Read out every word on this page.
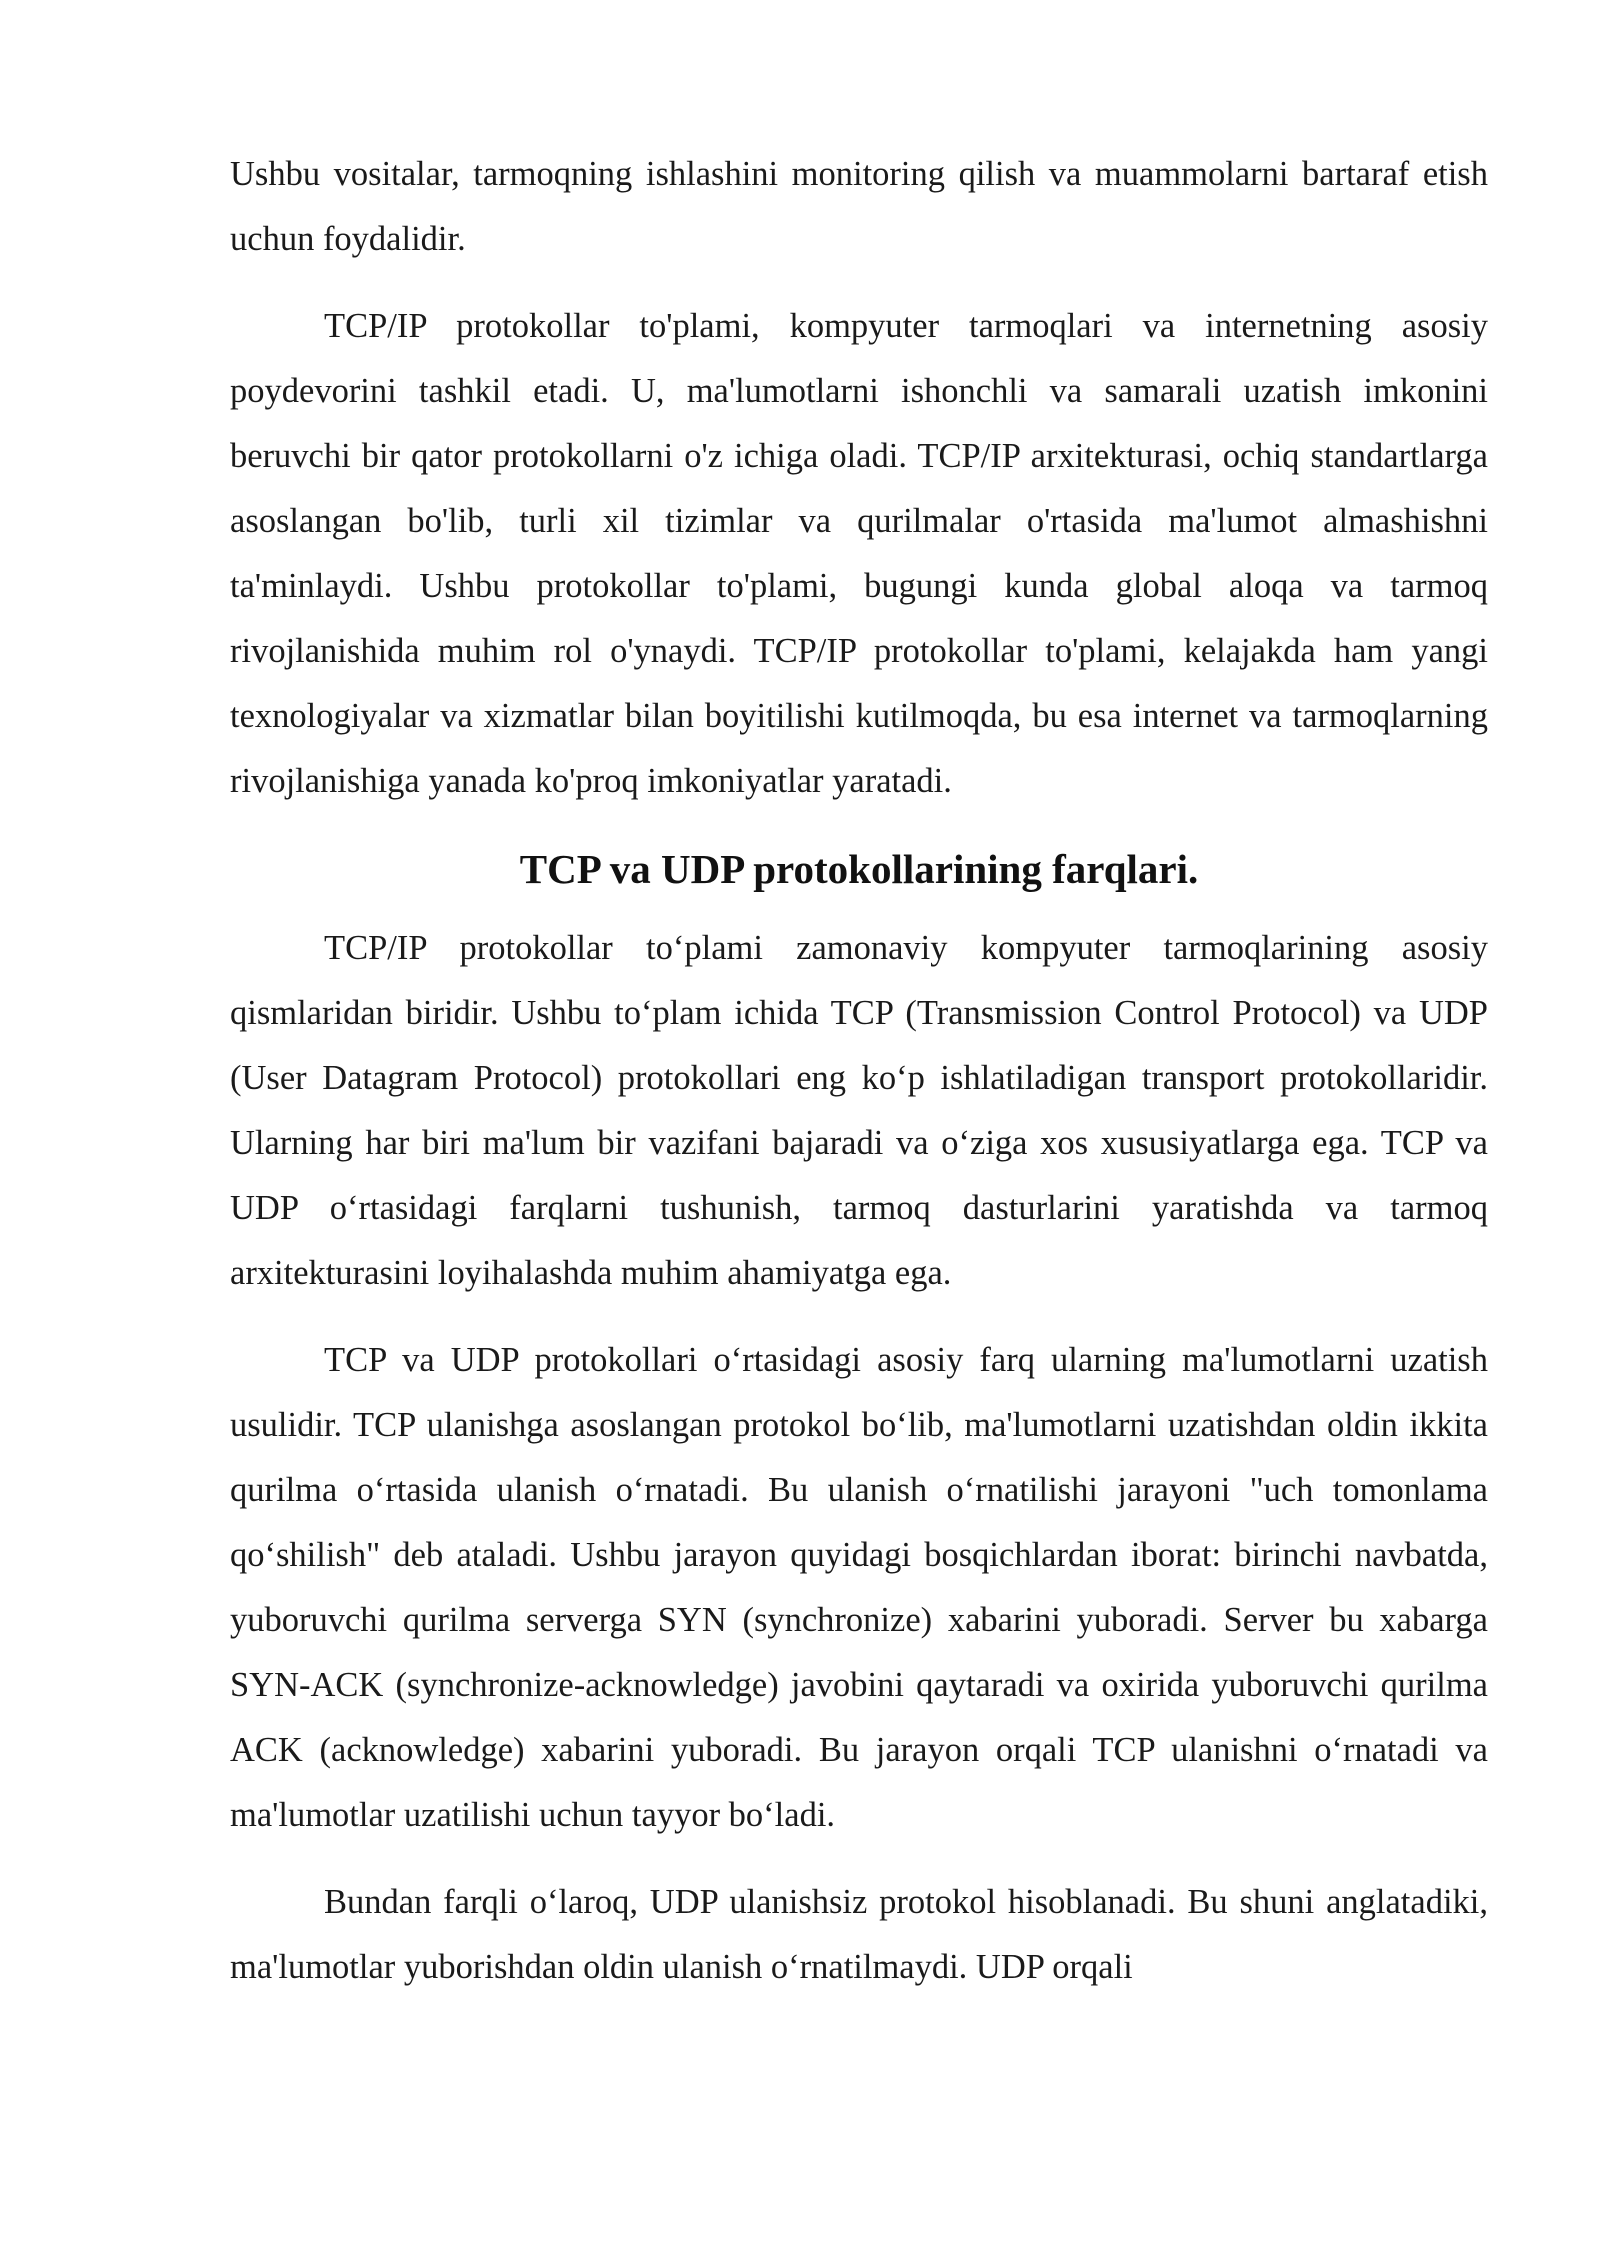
Ushbu vositalar, tarmoqning ishlashini monitoring qilish va muammolarni bartaraf etish uchun foydalidir.

TCP/IP protokollar to'plami, kompyuter tarmoqlari va internetning asosiy poydevorini tashkil etadi. U, ma'lumotlarni ishonchli va samarali uzatish imkonini beruvchi bir qator protokollarni o'z ichiga oladi. TCP/IP arxitekturasi, ochiq standartlarga asoslangan bo'lib, turli xil tizimlar va qurilmalar o'rtasida ma'lumot almashishni ta'minlaydi. Ushbu protokollar to'plami, bugungi kunda global aloqa va tarmoq rivojlanishida muhim rol o'ynaydi. TCP/IP protokollar to'plami, kelajakda ham yangi texnologiyalar va xizmatlar bilan boyitilishi kutilmoqda, bu esa internet va tarmoqlarning rivojlanishiga yanada ko'proq imkoniyatlar yaratadi.

TCP va UDP protokollarining farqlari.

TCP/IP protokollar to‘plami zamonaviy kompyuter tarmoqlarining asosiy qismlaridan biridir. Ushbu to‘plam ichida TCP (Transmission Control Protocol) va UDP (User Datagram Protocol) protokollari eng ko‘p ishlatiladigan transport protokollaridir. Ularning har biri ma'lum bir vazifani bajaradi va o‘ziga xos xususiyatlarga ega. TCP va UDP o‘rtasidagi farqlarni tushunish, tarmoq dasturlarini yaratishda va tarmoq arxitekturasini loyihalashda muhim ahamiyatga ega.

TCP va UDP protokollari o‘rtasidagi asosiy farq ularning ma'lumotlarni uzatish usulidir. TCP ulanishga asoslangan protokol bo‘lib, ma'lumotlarni uzatishdan oldin ikkita qurilma o‘rtasida ulanish o‘rnatadi. Bu ulanish o‘rnatilishi jarayoni "uch tomonlama qo‘shilish" deb ataladi. Ushbu jarayon quyidagi bosqichlardan iborat: birinchi navbatda, yuboruvchi qurilma serverga SYN (synchronize) xabarini yuboradi. Server bu xabarga SYN-ACK (synchronize-acknowledge) javobini qaytaradi va oxirida yuboruvchi qurilma ACK (acknowledge) xabarini yuboradi. Bu jarayon orqali TCP ulanishni o‘rnatadi va ma'lumotlar uzatilishi uchun tayyor bo‘ladi.

Bundan farqli o‘laroq, UDP ulanishsiz protokol hisoblanadi. Bu shuni anglatadiki, ma'lumotlar yuborishdan oldin ulanish o‘rnatilmaydi. UDP orqali
